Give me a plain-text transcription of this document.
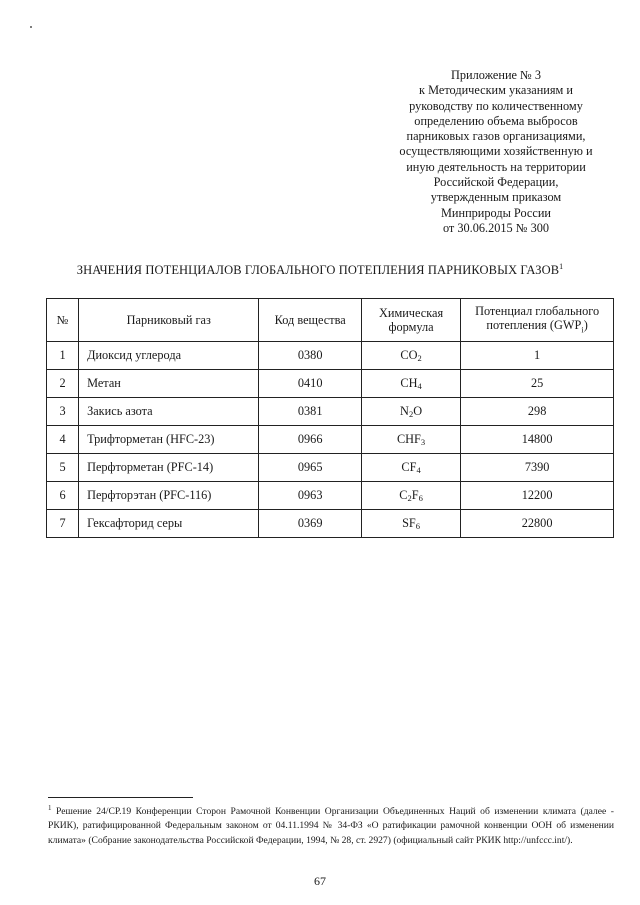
Приложение № 3
к Методическим указаниям и
руководству по количественному
определению объема выбросов
парниковых газов организациями,
осуществляющими хозяйственную и
иную деятельность на территории
Российской Федерации,
утвержденным приказом
Минприроды России
от 30.06.2015 № 300
ЗНАЧЕНИЯ ПОТЕНЦИАЛОВ ГЛОБАЛЬНОГО ПОТЕПЛЕНИЯ ПАРНИКОВЫХ ГАЗОВ$^1$
№	Парниковый газ	Код вещества	Химическая формула	Потенциал глобального потепления $(GWP_i)$
1	Диоксид углерода	0380	CO2	1
2	Метан	0410	CH4	25
3	Закись азота	0381	N2O	298
4	Трифторметан (HFC-23)	0966	CHF3	14800
5	Перфторметан (PFC-14)	0965	CF4	7390
6	Перфторэтан (PFC-116)	0963	C2F6	12200
7	Гексафторид серы	0369	SF6	22800
$^1$ Решение 24/CP.19 Конференции Сторон Рамочной Конвенции Организации Объединенных Наций об изменении климата (далее - РКИК), ратифицированной Федеральным законом от 04.11.1994 № 34-ФЗ «О ратификации рамочной конвенции ООН об изменении климата» (Собрание законодательства Российской Федерации, 1994, № 28, ст. 2927) (официальный сайт РКИК http://unfccc.int/).
67
